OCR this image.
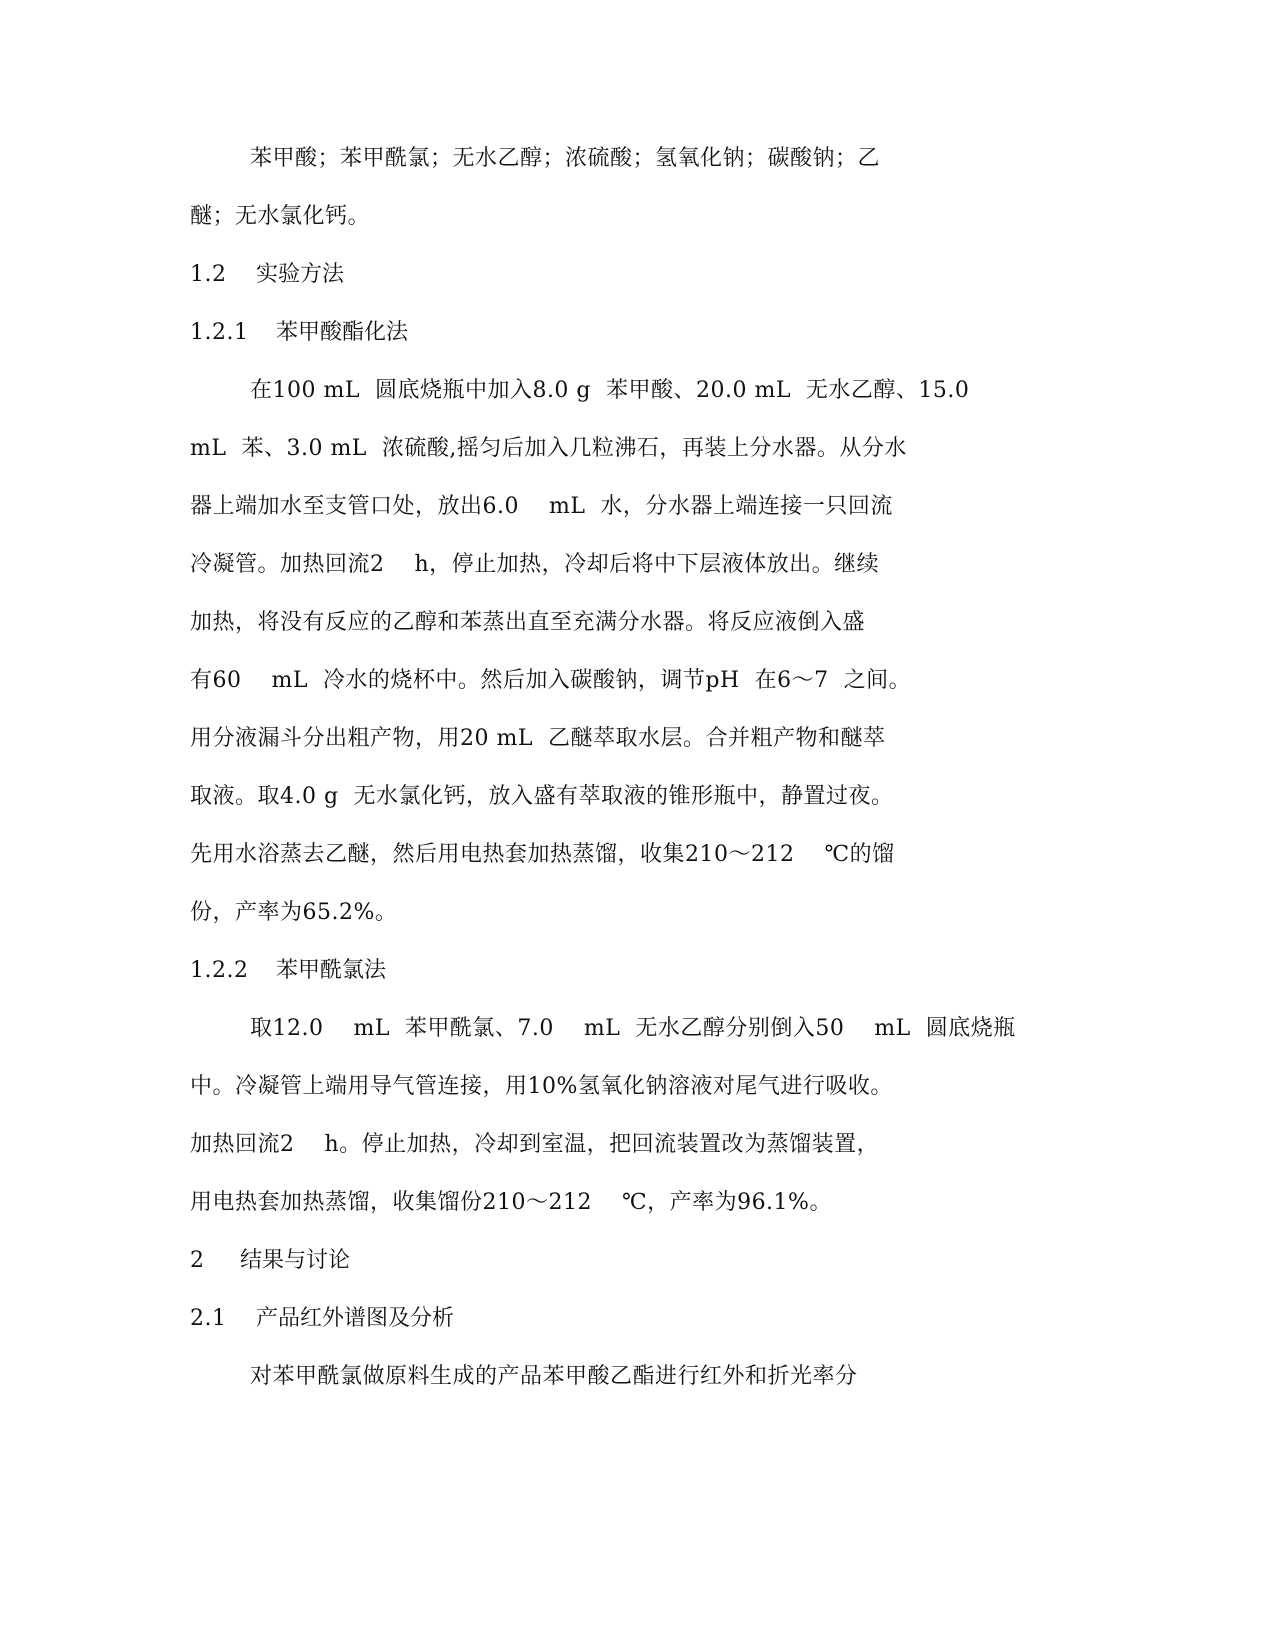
苯甲酸；苯甲酰氯；无水乙醇；浓硫酸；氢氧化钠；碳酸钠；乙
醚；无水氯化钙。
1.2 实验方法
1.2.1 苯甲酸酯化法
在100 mL  圆底烧瓶中加入8.0 g  苯甲酸、20.0 mL  无水乙醇、15.0
mL  苯、3.0 mL  浓硫酸,摇匀后加入几粒沸石，再装上分水器。从分水
器上端加水至支管口处，放出6.0    mL  水，分水器上端连接一只回流
冷凝管。加热回流2    h，停止加热，冷却后将中下层液体放出。继续
加热，将没有反应的乙醇和苯蒸出直至充满分水器。将反应液倒入盛
有60    mL  冷水的烧杯中。然后加入碳酸钠，调节pH  在6～7  之间。
用分液漏斗分出粗产物，用20 mL  乙醚萃取水层。合并粗产物和醚萃
取液。取4.0 g  无水氯化钙，放入盛有萃取液的锥形瓶中，静置过夜。
先用水浴蒸去乙醚，然后用电热套加热蒸馏，收集210～212    ℃的馏
份，产率为65.2%。
1.2.2 苯甲酰氯法
取12.0    mL  苯甲酰氯、7.0    mL  无水乙醇分别倒入50    mL  圆底烧瓶
中。冷凝管上端用导气管连接，用10%氢氧化钠溶液对尾气进行吸收。
加热回流2    h。停止加热，冷却到室温，把回流装置改为蒸馏装置，
用电热套加热蒸馏，收集馏份210～212    ℃，产率为96.1%。
2 结果与讨论
2.1 产品红外谱图及分析
对苯甲酰氯做原料生成的产品苯甲酸乙酯进行红外和折光率分
